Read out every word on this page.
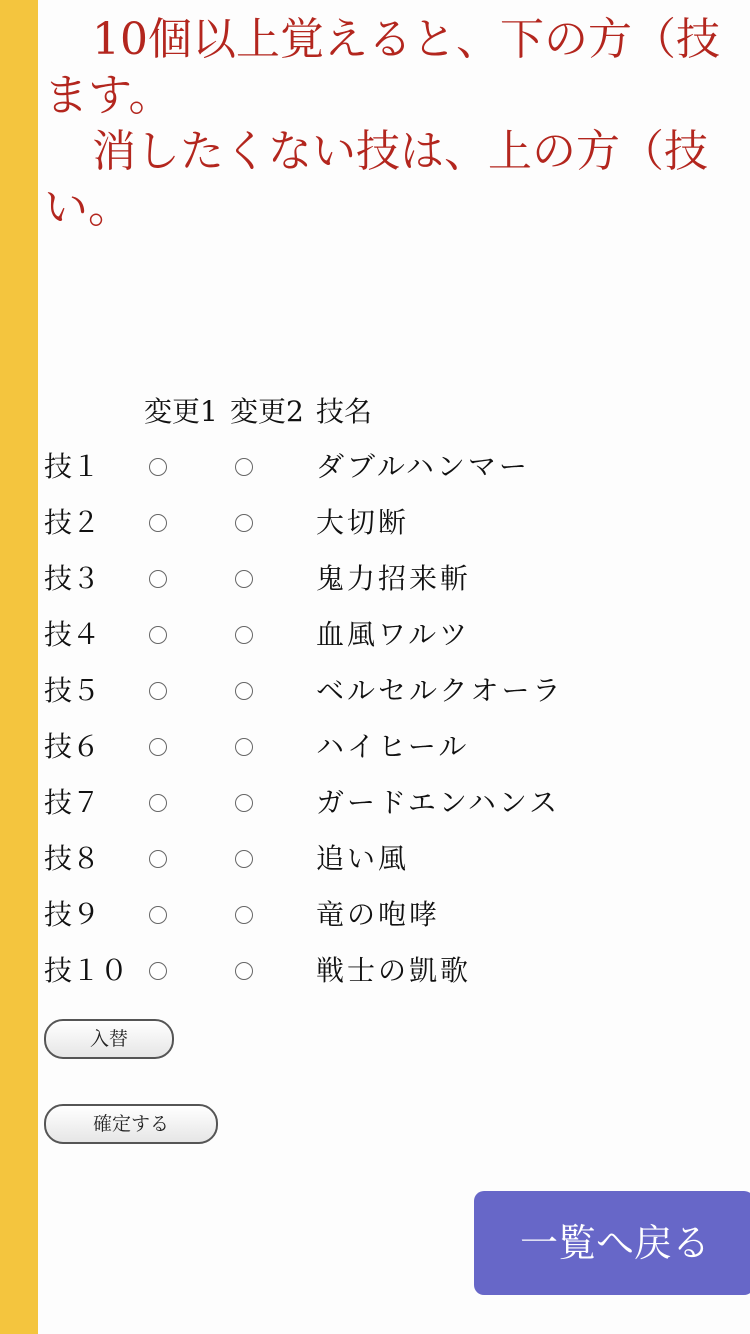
10個以上覚えると、下の方（技
ます。

消したくない技は、上の方（技
い。

	変更1	変更2	技名
技１			ダブルハンマー
技２			大切断
技３			鬼力招来斬
技４			血風ワルツ
技５			ベルセルクオーラ
技６			ハイヒール
技７			ガードエンハンス
技８			追い風
技９			竜の咆哮
技１０			戦士の凱歌
入替
確定する
一覧へ戻る
